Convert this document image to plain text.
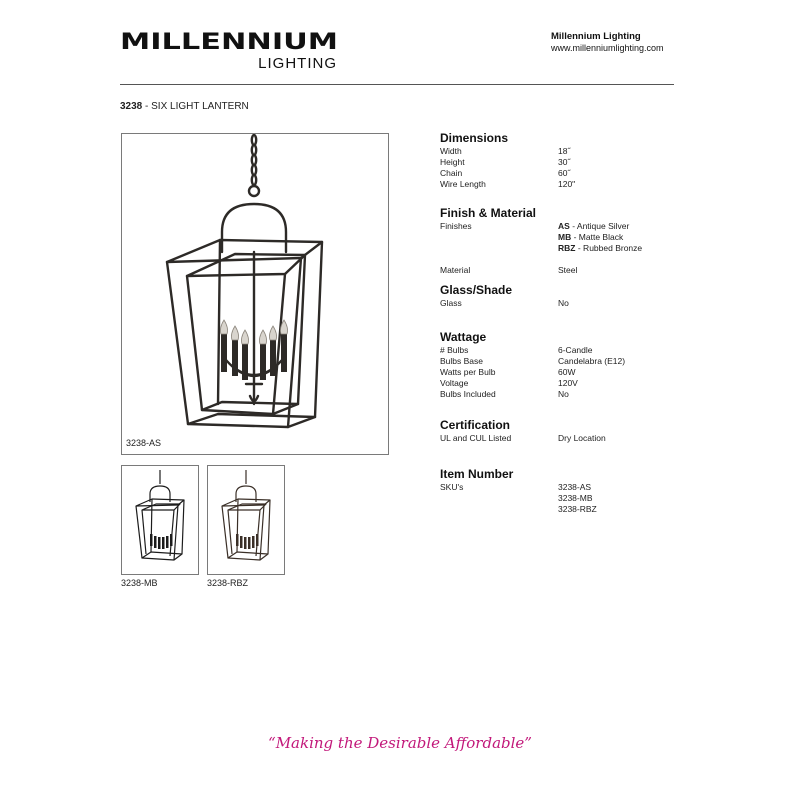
MILLENNIUM
LIGHTING
Millennium Lighting
www.millenniumlighting.com
3238 - SIX LIGHT LANTERN
3238-AS
3238-MB	3238-RBZ
Dimensions
Width	18˝
Height	30˝
Chain	60˝
Wire Length	120"
Finish & Material
Finishes	AS - Antique Silver
MB - Matte Black
RBZ - Rubbed Bronze
Material	Steel
Glass/Shade
Glass	No
Wattage
# Bulbs	6-Candle
Bulbs Base	Candelabra (E12)
Watts per Bulb	60W
Voltage	120V
Bulbs Included	No
Certification
UL and CUL Listed	Dry Location
Item Number
SKU's	3238-AS
3238-MB
3238-RBZ
“Making the Desirable Affordable”
